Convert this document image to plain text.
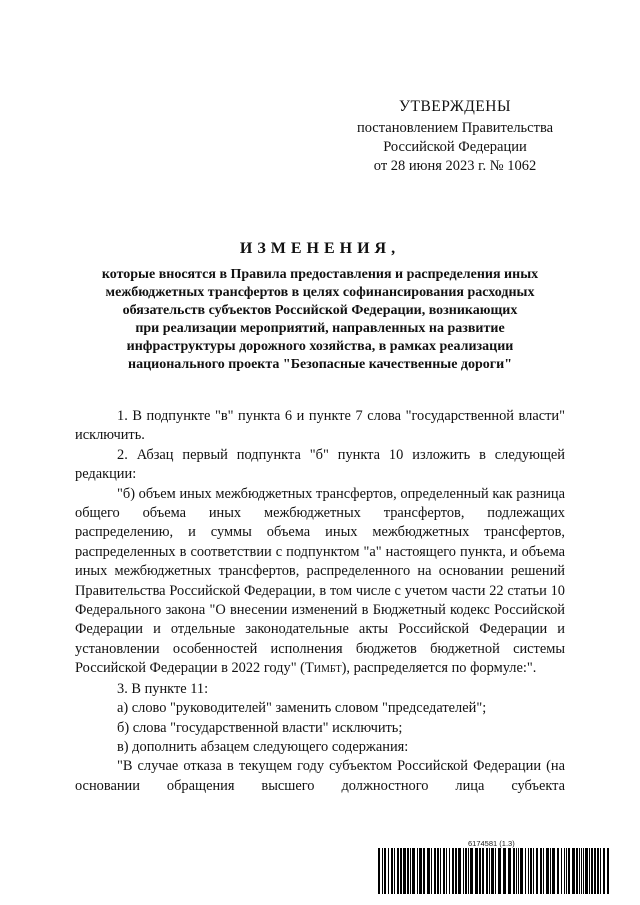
УТВЕРЖДЕНЫ
постановлением Правительства
Российской Федерации
от 28 июня 2023 г. № 1062
ИЗМЕНЕНИЯ,

которые вносятся в Правила предоставления и распределения иных

межбюджетных трансфертов в целях софинансирования расходных

обязательств субъектов Российской Федерации, возникающих

при реализации мероприятий, направленных на развитие

инфраструктуры дорожного хозяйства, в рамках реализации

национального проекта "Безопасные качественные дороги"

1. В подпункте "в" пункта 6 и пункте 7 слова "государственной власти" исключить.

2. Абзац первый подпункта "б" пункта 10 изложить в следующей редакции:

"б) объем иных межбюджетных трансфертов, определенный как разница общего объема иных межбюджетных трансфертов, подлежащих распределению, и суммы объема иных межбюджетных трансфертов, распределенных в соответствии с подпунктом "а" настоящего пункта, и объема иных межбюджетных трансфертов, распределенного на основании решений Правительства Российской Федерации, в том числе с учетом части 22 статьи 10 Федерального закона "О внесении изменений в Бюджетный кодекс Российской Федерации и отдельные законодательные акты Российской Федерации и установлении особенностей исполнения бюджетов бюджетной системы Российской Федерации в 2022 году" (ТИМБТ), распределяется по формуле:".

3. В пункте 11:

а) слово "руководителей" заменить словом "председателей";

б) слова "государственной власти" исключить;

в) дополнить абзацем следующего содержания:

"В случае отказа в текущем году субъектом Российской Федерации (на основании обращения высшего должностного лица субъекта

6174581 (1.3)
